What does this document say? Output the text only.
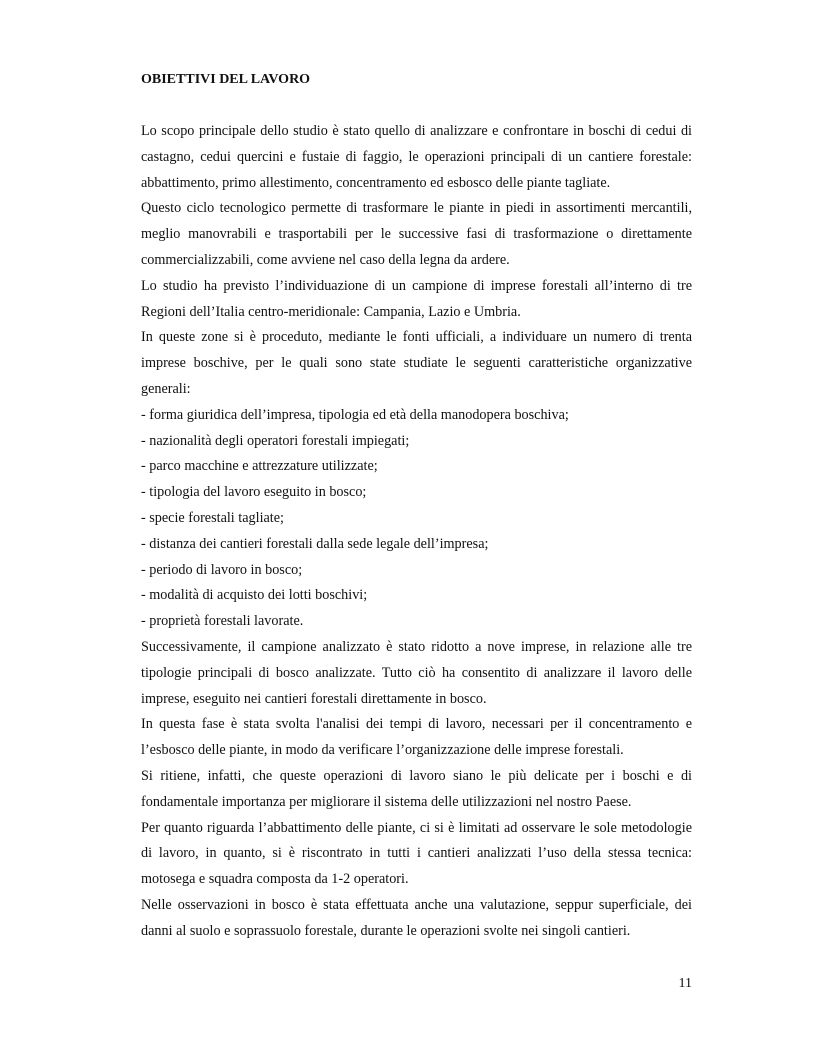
OBIETTIVI DEL LAVORO

Lo scopo principale dello studio è stato quello di analizzare e confrontare in boschi di cedui di castagno, cedui quercini e fustaie di faggio, le operazioni principali di un cantiere forestale: abbattimento, primo allestimento, concentramento ed esbosco delle piante tagliate.

Questo ciclo tecnologico permette di trasformare le piante in piedi in assortimenti mercantili, meglio manovrabili e trasportabili per le successive fasi di trasformazione o direttamente commercializzabili, come avviene nel caso della legna da ardere.

Lo studio ha previsto l’individuazione di un campione di imprese forestali all’interno di tre Regioni dell’Italia centro-meridionale: Campania, Lazio e Umbria.

In queste zone si è proceduto, mediante le fonti ufficiali, a individuare un numero di trenta imprese boschive, per le quali sono state studiate le seguenti caratteristiche organizzative generali:

- forma giuridica dell’impresa, tipologia ed età della manodopera boschiva;

- nazionalità degli operatori forestali impiegati;

- parco macchine e attrezzature utilizzate;

- tipologia del lavoro eseguito in bosco;

- specie forestali tagliate;

- distanza dei cantieri forestali dalla sede legale dell’impresa;

- periodo di lavoro in bosco;

- modalità di acquisto dei lotti boschivi;

- proprietà forestali lavorate.

Successivamente, il campione analizzato è stato ridotto a nove imprese, in relazione alle tre tipologie principali di bosco analizzate. Tutto ciò ha consentito di analizzare il lavoro delle imprese, eseguito nei cantieri forestali direttamente in bosco.

In questa fase è stata svolta l'analisi dei tempi di lavoro, necessari per il concentramento e l’esbosco delle piante, in modo da verificare l’organizzazione delle imprese forestali.

Si ritiene, infatti, che queste operazioni di lavoro siano le più delicate per i boschi e di fondamentale importanza per migliorare il sistema delle utilizzazioni nel nostro Paese.

Per quanto riguarda l’abbattimento delle piante, ci si è limitati ad osservare le sole metodologie di lavoro, in quanto, si è riscontrato in tutti i cantieri analizzati l’uso della stessa tecnica: motosega e squadra composta da 1-2 operatori.

Nelle osservazioni in bosco è stata effettuata anche una valutazione, seppur superficiale, dei danni al suolo e soprassuolo forestale, durante le operazioni svolte nei singoli cantieri.

11
